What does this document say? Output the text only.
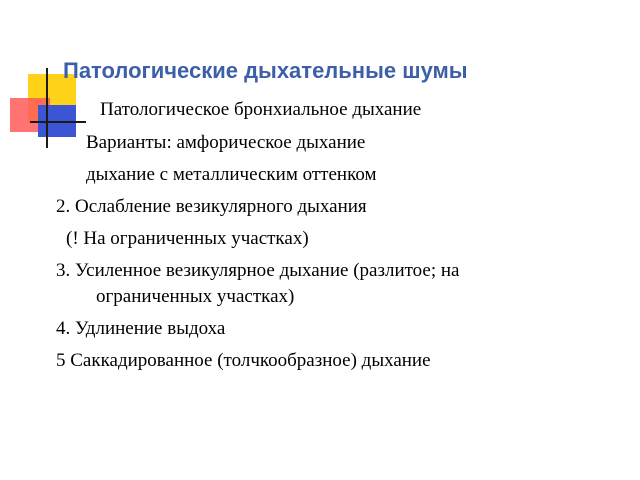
Патологические дыхательные шумы
Патологическое бронхиальное дыхание
Варианты: амфорическое дыхание
дыхание с металлическим оттенком
2. Ослабление везикулярного дыхания
(! На ограниченных участках)
3. Усиленное везикулярное дыхание (разлитое; на
ограниченных участках)
4. Удлинение выдоха
5 Саккадированное (толчкообразное) дыхание
